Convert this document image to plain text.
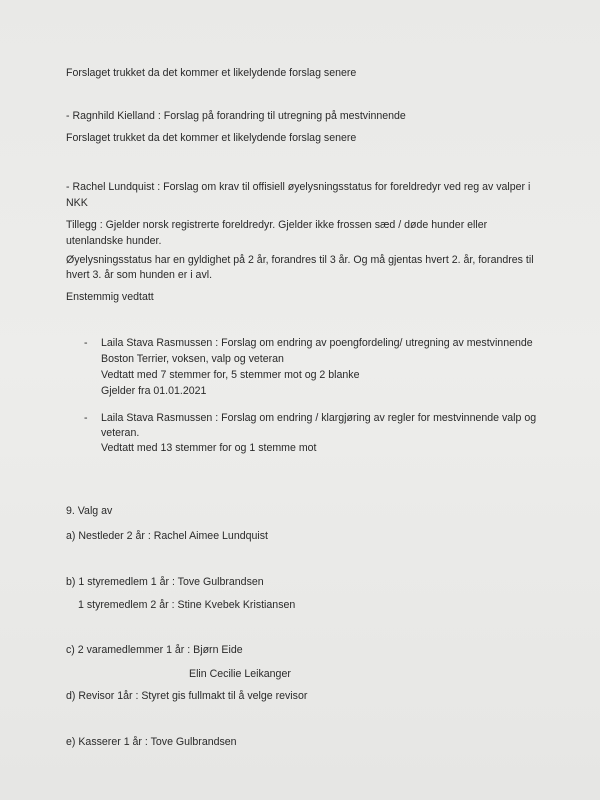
Forslaget trukket da det kommer et likelydende forslag senere
- Ragnhild Kielland : Forslag på forandring til utregning på mestvinnende
Forslaget trukket da det kommer et likelydende forslag senere
- Rachel Lundquist : Forslag om krav til offisiell øyelysningsstatus for foreldredyr ved reg av valper i
NKK
Tillegg : Gjelder norsk registrerte foreldredyr. Gjelder ikke frossen sæd / døde hunder eller
utenlandske hunder.
Øyelysningsstatus har en gyldighet på 2 år, forandres til 3 år. Og må gjentas hvert 2. år, forandres til
hvert 3. år som hunden er i avl.
Enstemmig vedtatt
- Laila Stava Rasmussen : Forslag om endring av poengfordeling/ utregning av mestvinnende
Boston Terrier, voksen, valp og veteran
Vedtatt med 7 stemmer for, 5 stemmer mot og 2 blanke
Gjelder fra 01.01.2021
- Laila Stava Rasmussen : Forslag om endring / klargjøring av regler for mestvinnende valp og
veteran.
Vedtatt med 13 stemmer for og 1 stemme mot
9. Valg av
a) Nestleder 2 år : Rachel Aimee Lundquist
b) 1 styremedlem 1 år : Tove Gulbrandsen
1 styremedlem 2 år : Stine Kvebek Kristiansen
c) 2 varamedlemmer 1 år : Bjørn Eide
Elin Cecilie Leikanger
d) Revisor 1år : Styret gis fullmakt til å velge revisor
e) Kasserer 1 år : Tove Gulbrandsen
